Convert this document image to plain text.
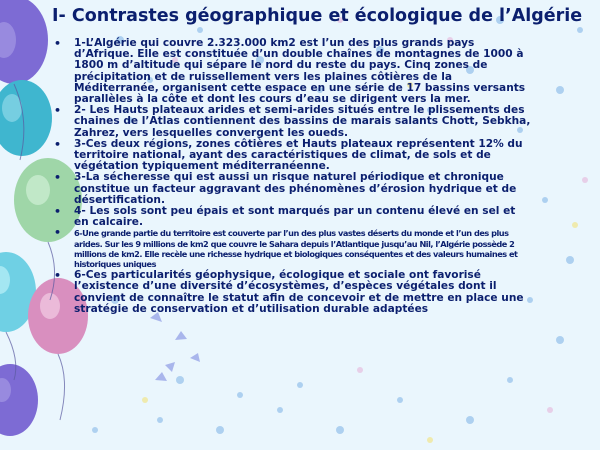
I- Contrastes géographique et écologique de l’Algérie
• 1-L’Algérie qui couvre 2.323.000 km2 est l’un des plus grands pays d’Afrique. Elle est constituée d’un double chaînes de montagnes de 1000 à 1800 m d’altitude qui sépare le nord du reste du pays. Cinq zones de précipitation et de ruissellement vers les plaines côtières de la Méditerranée, organisent cette espace en une série de 17 bassins versants parallèles à la côte et dont les cours d’eau se dirigent vers la mer.
• 2- Les Hauts plateaux arides et semi-arides situés entre le plissements des chaines de l’Atlas contiennent des bassins de marais salants Chott, Sebkha, Zahrez, vers lesquelles convergent les oueds.
• 3-Ces deux régions, zones côtières et Hauts plateaux représentent 12% du territoire national, ayant des caractéristiques de climat, de sols et de végétation typiquement méditerranéenne.
• 3-La sécheresse qui est aussi un risque naturel périodique et chronique constitue un facteur aggravant des phénomènes d’érosion hydrique et de désertification.
• 4- Les sols sont peu épais et sont marqués par un contenu élevé en sel et en calcaire.
• 6-Une grande partie du territoire est couverte par l’un des plus vastes déserts du monde et l’un des plus arides. Sur les 9 millions de km2 que couvre le Sahara depuis l’Atlantique jusqu’au Nil, l’Algérie possède 2 millions de km2. Elle recèle une richesse hydrique et biologiques conséquentes et des valeurs humaines et historiques uniques
• 6-Ces particularités géophysique, écologique et sociale ont favorisé l’existence d’une diversité d’écosystèmes, d’espèces végétales dont il convient de connaître le statut afin de concevoir et de mettre en place une stratégie de conservation et d’utilisation durable adaptées
